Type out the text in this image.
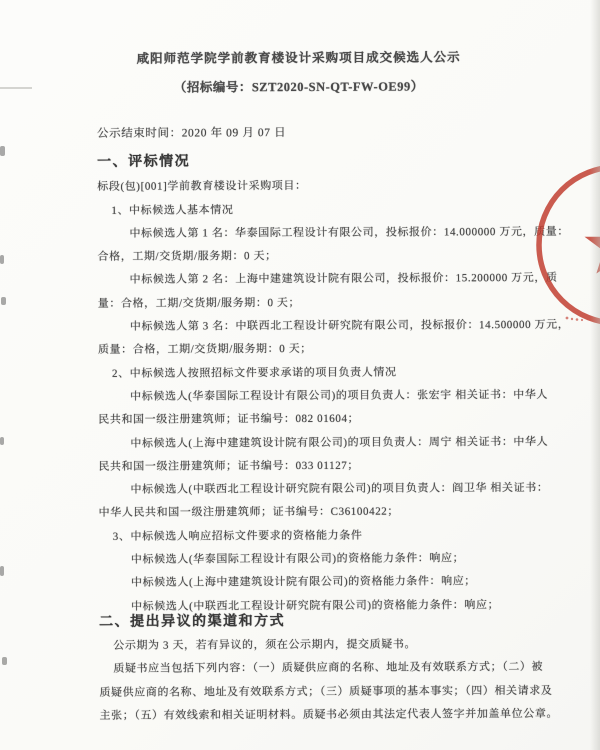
咸阳师范学院学前教育楼设计采购项目成交候选人公示
（招标编号：SZT2020-SN-QT-FW-OE99）
公示结束时间：2020 年 09 月 07 日
一、评标情况
标段(包)[001]学前教育楼设计采购项目：
1、中标候选人基本情况
中标候选人第 1 名：华泰国际工程设计有限公司，投标报价：14.000000 万元，质量：
合格，工期/交货期/服务期：0 天；
中标候选人第 2 名：上海中建建筑设计院有限公司，投标报价：15.200000 万元，质
量：合格，工期/交货期/服务期：0 天；
中标候选人第 3 名：中联西北工程设计研究院有限公司，投标报价：14.500000 万元，
质量：合格，工期/交货期/服务期：0 天；
2、中标候选人按照招标文件要求承诺的项目负责人情况
中标候选人(华泰国际工程设计有限公司)的项目负责人：张宏宇 相关证书：中华人
民共和国一级注册建筑师；证书编号：082 01604；
中标候选人(上海中建建筑设计院有限公司)的项目负责人：周宁 相关证书：中华人
民共和国一级注册建筑师；证书编号：033 01127；
中标候选人(中联西北工程设计研究院有限公司)的项目负责人：阎卫华 相关证书：
中华人民共和国一级注册建筑师；证书编号：C36100422；
3、中标候选人响应招标文件要求的资格能力条件
中标候选人(华泰国际工程设计有限公司)的资格能力条件：响应；
中标候选人(上海中建建筑设计院有限公司)的资格能力条件：响应；
中标候选人(中联西北工程设计研究院有限公司)的资格能力条件：响应；
二、提出异议的渠道和方式
公示期为 3 天，若有异议的，须在公示期内，提交质疑书。
质疑书应当包括下列内容：（一）质疑供应商的名称、地址及有效联系方式；（二）被
质疑供应商的名称、地址及有效联系方式；（三）质疑事项的基本事实；（四）相关请求及
主张；（五）有效线索和相关证明材料。质疑书必须由其法定代表人签字并加盖单位公章。
